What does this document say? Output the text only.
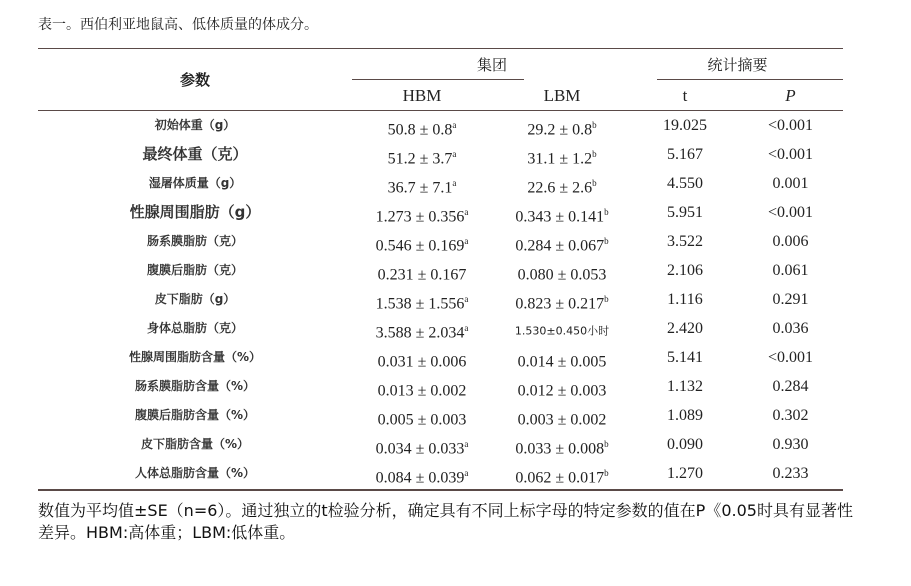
表一。西伯利亚地鼠高、低体质量的体成分。
参数
集团	统计摘要
HBM	LBM	t	P
初始体重（g）	50.8 ± 0.8$^a$	29.2 ± 0.8$^b$	19.025	<0.001
最终体重（克）	51.2 ± 3.7$^a$	31.1 ± 1.2$^b$	5.167	<0.001
湿屠体质量（g）	36.7 ± 7.1$^a$	22.6 ± 2.6$^b$	4.550	0.001
性腺周围脂肪（g）	1.273 ± 0.356$^a$	0.343 ± 0.141$^b$	5.951	<0.001
肠系膜脂肪（克）	0.546 ± 0.169$^a$	0.284 ± 0.067$^b$	3.522	0.006
腹膜后脂肪（克）	0.231 ± 0.167	0.080 ± 0.053	2.106	0.061
皮下脂肪（g）	1.538 ± 1.556$^a$	0.823 ± 0.217$^b$	1.116	0.291
身体总脂肪（克）	3.588 ± 2.034$^a$	1.530±0.450小时	2.420	0.036
性腺周围脂肪含量（%）	0.031 ± 0.006	0.014 ± 0.005	5.141	<0.001
肠系膜脂肪含量（%）	0.013 ± 0.002	0.012 ± 0.003	1.132	0.284
腹膜后脂肪含量（%）	0.005 ± 0.003	0.003 ± 0.002	1.089	0.302
皮下脂肪含量（%）	0.034 ± 0.033$^a$	0.033 ± 0.008$^b$	0.090	0.930
人体总脂肪含量（%）	0.084 ± 0.039$^a$	0.062 ± 0.017$^b$	1.270	0.233
数值为平均值±SE（n=6）。通过独立的t检验分析，确定具有不同上标字母的特定参数的值在P《0.05时具有显著性差异。HBM:高体重；LBM:低体重。
